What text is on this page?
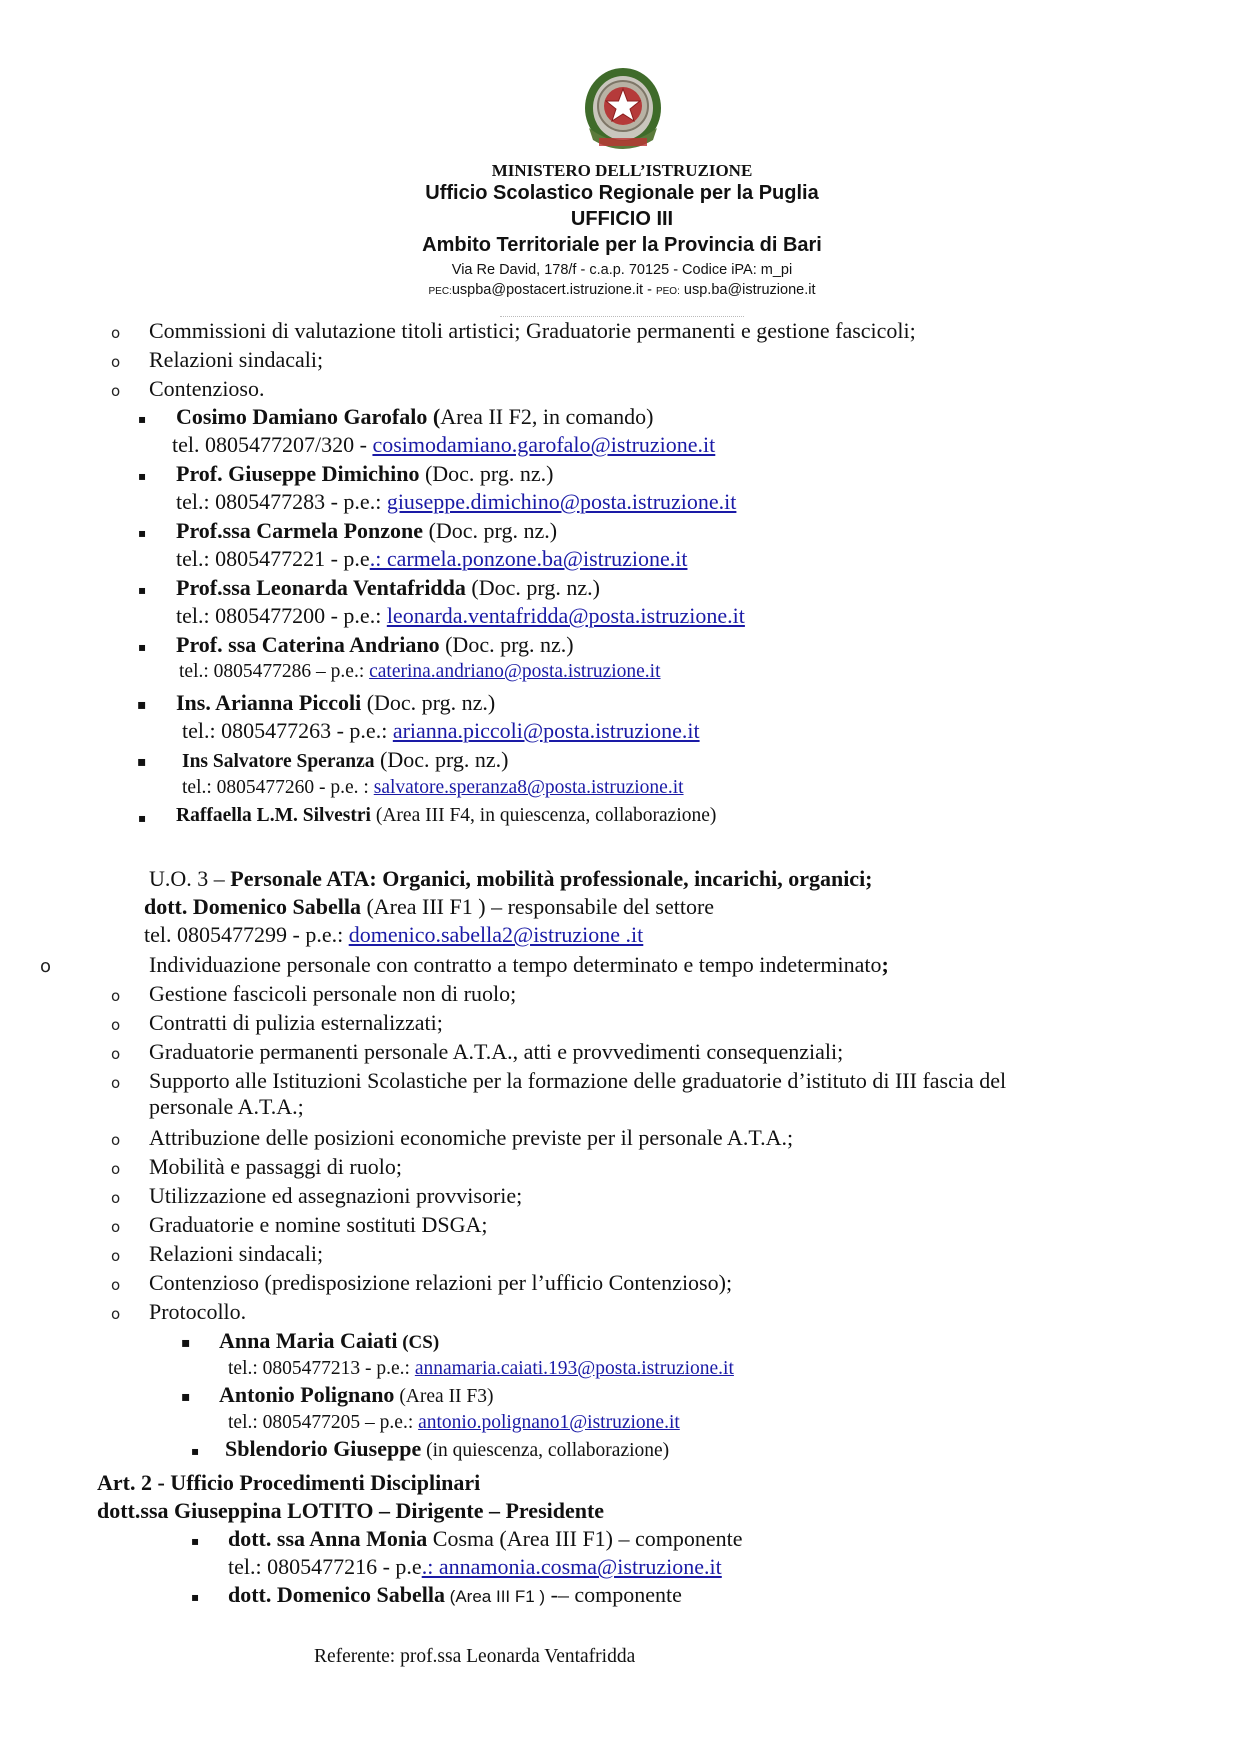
MINISTERO DELL’ISTRUZIONE
Ufficio Scolastico Regionale per la Puglia
UFFICIO III
Ambito Territoriale per la Provincia di Bari
Via Re David, 178/f - c.a.p. 70125 - Codice iPA: m_pi
PEC:uspba@postacert.istruzione.it - PEO: usp.ba@istruzione.it
o Commissioni di valutazione titoli artistici; Graduatorie permanenti e gestione fascicoli;
o Relazioni sindacali;
o Contenzioso.
▪ Cosimo Damiano Garofalo (Area II F2, in comando)
tel. 0805477207/320 - cosimodamiano.garofalo@istruzione.it
▪ Prof. Giuseppe Dimichino (Doc. prg. nz.)
tel.: 0805477283 - p.e.: giuseppe.dimichino@posta.istruzione.it
▪ Prof.ssa Carmela Ponzone (Doc. prg. nz.)
tel.: 0805477221 - p.e.: carmela.ponzone.ba@istruzione.it
▪ Prof.ssa Leonarda Ventafridda (Doc. prg. nz.)
tel.: 0805477200 - p.e.: leonarda.ventafridda@posta.istruzione.it
▪ Prof. ssa Caterina Andriano (Doc. prg. nz.)
tel.: 0805477286 – p.e.: caterina.andriano@posta.istruzione.it
▪ Ins. Arianna Piccoli (Doc. prg. nz.)
tel.: 0805477263 - p.e.: arianna.piccoli@posta.istruzione.it
▪ Ins Salvatore Speranza (Doc. prg. nz.)
tel.: 0805477260 - p.e. : salvatore.speranza8@posta.istruzione.it
▪ Raffaella L.M. Silvestri (Area III F4, in quiescenza, collaborazione)
U.O. 3 – Personale ATA: Organici, mobilità professionale, incarichi, organici;
dott. Domenico Sabella (Area III F1 ) – responsabile del settore
tel. 0805477299 - p.e.: domenico.sabella2@istruzione .it
o	Individuazione personale con contratto a tempo determinato e tempo indeterminato;
o Gestione fascicoli personale non di ruolo;
o Contratti di pulizia esternalizzati;
o Graduatorie permanenti personale A.T.A., atti e provvedimenti consequenziali;
o Supporto alle Istituzioni Scolastiche per la formazione delle graduatorie d’istituto di III fascia del
personale A.T.A.;
o Attribuzione delle posizioni economiche previste per il personale A.T.A.;
o Mobilità e passaggi di ruolo;
o Utilizzazione ed assegnazioni provvisorie;
o Graduatorie e nomine sostituti DSGA;
o Relazioni sindacali;
o Contenzioso (predisposizione relazioni per l’ufficio Contenzioso);
o Protocollo.
▪ Anna Maria Caiati (CS)
tel.: 0805477213 - p.e.: annamaria.caiati.193@posta.istruzione.it
▪ Antonio Polignano (Area II F3)
tel.: 0805477205 – p.e.: antonio.polignano1@istruzione.it
▪ Sblendorio Giuseppe (in quiescenza, collaborazione)
Art. 2 - Ufficio Procedimenti Disciplinari
dott.ssa Giuseppina LOTITO – Dirigente – Presidente
▪ dott. ssa Anna Monia Cosma (Area III F1) – componente
tel.: 0805477216 - p.e.: annamonia.cosma@istruzione.it
▪ dott. Domenico Sabella (Area III F1 ) -– componente
Referente: prof.ssa Leonarda Ventafridda
